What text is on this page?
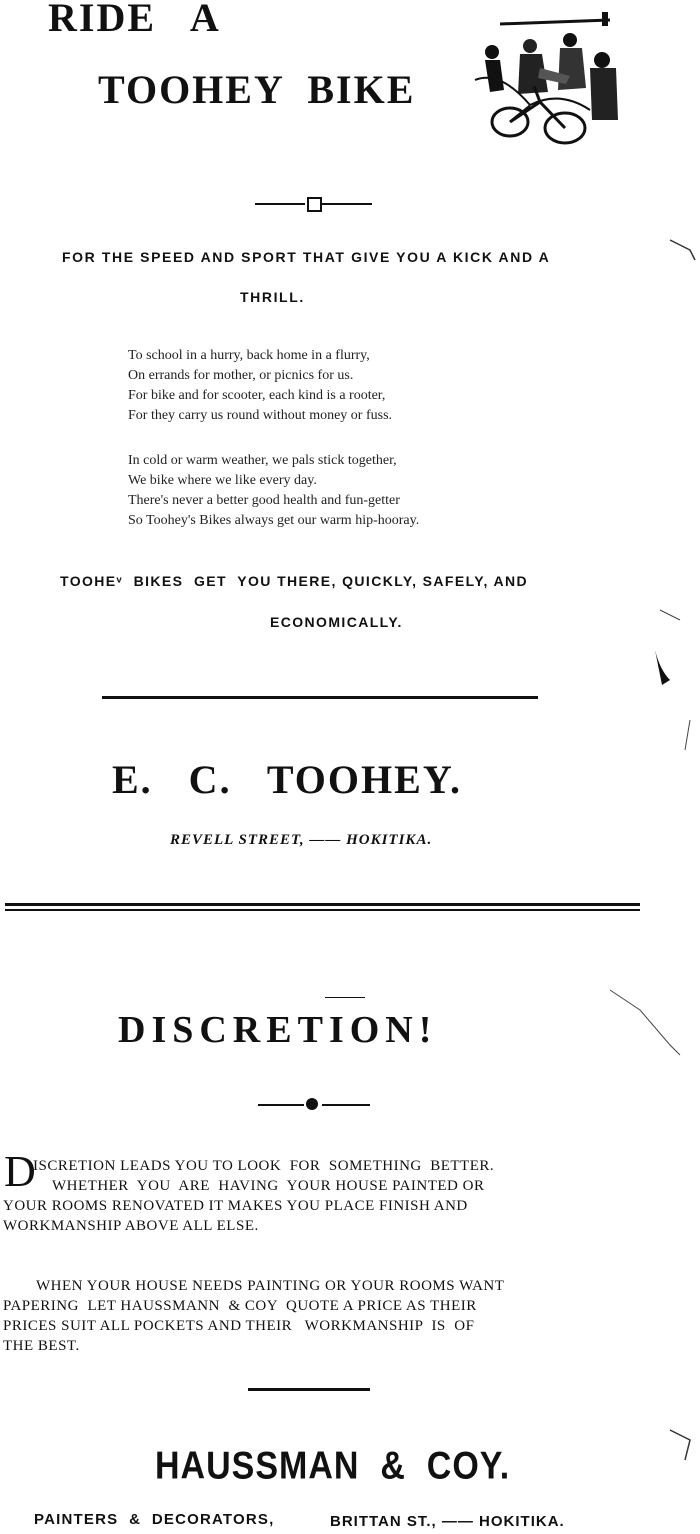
RIDE   A
TOOHEY  BIKE
FOR THE SPEED AND SPORT THAT GIVE YOU A KICK AND A
THRILL.
To school in a hurry, back home in a flurry,
On errands for mother, or picnics for us.
For bike and for scooter, each kind is a rooter,
For they carry us round without money or fuss.
In cold or warm weather, we pals stick together,
We bike where we like every day.
There's never a better good health and fun-getter
So Toohey's Bikes always get our warm hip-hooray.
TOOHEᵛ  BIKES  GET  YOU THERE, QUICKLY, SAFELY, AND
ECONOMICALLY.
E.   C.   TOOHEY.
REVELL STREET, —— HOKITIKA.
DISCRETION!
D
ISCRETION LEADS YOU TO LOOK  FOR  SOMETHING  BETTER.
WHETHER  YOU  ARE  HAVING  YOUR HOUSE PAINTED OR
YOUR ROOMS RENOVATED IT MAKES YOU PLACE FINISH AND
WORKMANSHIP ABOVE ALL ELSE.
WHEN YOUR HOUSE NEEDS PAINTING OR YOUR ROOMS WANT
PAPERING  LET HAUSSMANN  & COY  QUOTE A PRICE AS THEIR
PRICES SUIT ALL POCKETS AND THEIR   WORKMANSHIP  IS  OF
THE BEST.
HAUSSMAN  &  COY.
PAINTERS  &  DECORATORS,	BRITTAN ST., —— HOKITIKA.
